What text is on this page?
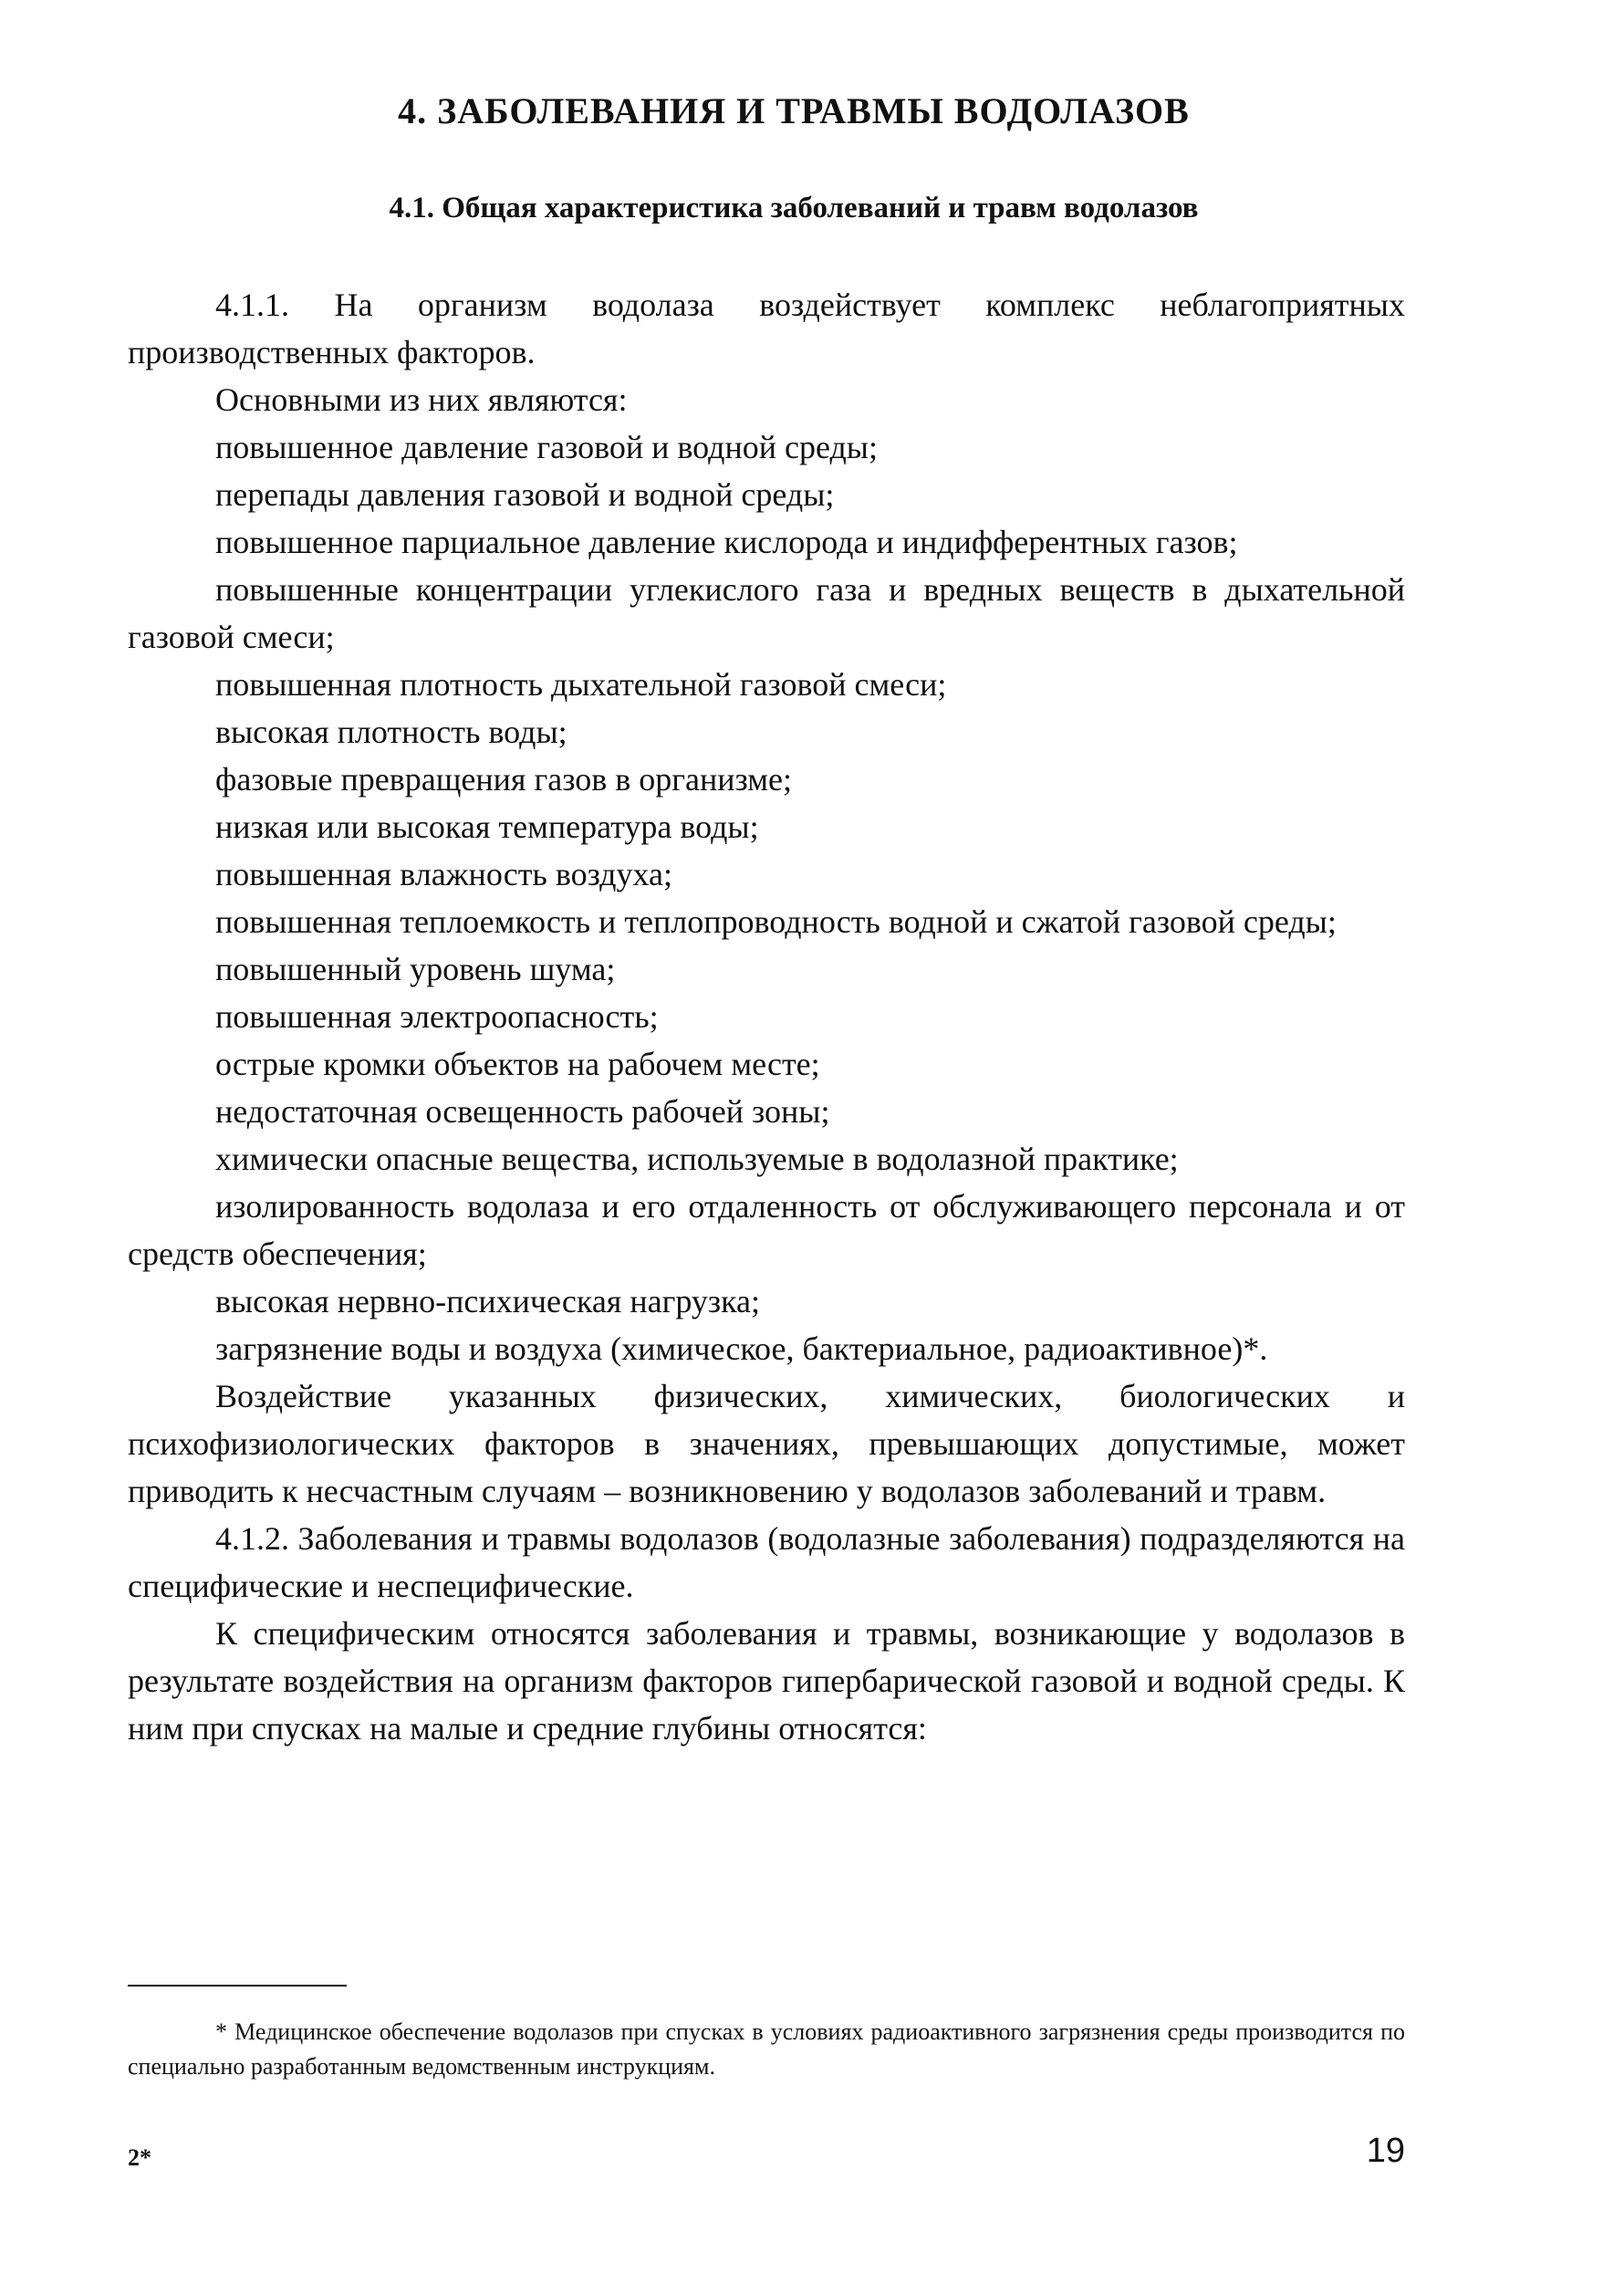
4. ЗАБОЛЕВАНИЯ И ТРАВМЫ ВОДОЛАЗОВ
4.1. Общая характеристика заболеваний и травм водолазов

4.1.1. На организм водолаза воздействует комплекс неблагоприятных производственных факторов.

Основными из них являются:

повышенное давление газовой и водной среды;

перепады давления газовой и водной среды;

повышенное парциальное давление кислорода и индифферентных газов;

повышенные концентрации углекислого газа и вредных веществ в дыхательной газовой смеси;

повышенная плотность дыхательной газовой смеси;

высокая плотность воды;

фазовые превращения газов в организме;

низкая или высокая температура воды;

повышенная влажность воздуха;

повышенная теплоемкость и теплопроводность водной и сжатой газовой среды;

повышенный уровень шума;

повышенная электроопасность;

острые кромки объектов на рабочем месте;

недостаточная освещенность рабочей зоны;

химически опасные вещества, используемые в водолазной практике;

изолированность водолаза и его отдаленность от обслуживающего персонала и от средств обеспечения;

высокая нервно-психическая нагрузка;

загрязнение воды и воздуха (химическое, бактериальное, радиоактивное)*.

Воздействие указанных физических, химических, биологических и психофизиологических факторов в значениях, превышающих допустимые, может приводить к несчастным случаям – возникновению у водолазов заболеваний и травм.

4.1.2. Заболевания и травмы водолазов (водолазные заболевания) подразделяются на специфические и неспецифические.

К специфическим относятся заболевания и травмы, возникающие у водолазов в результате воздействия на организм факторов гипербарической газовой и водной среды. К ним при спусках на малые и средние глубины относятся:

* Медицинское обеспечение водолазов при спусках в условиях радиоактивного загрязнения среды производится по специально разработанным ведомственным инструкциям.

2*	19
